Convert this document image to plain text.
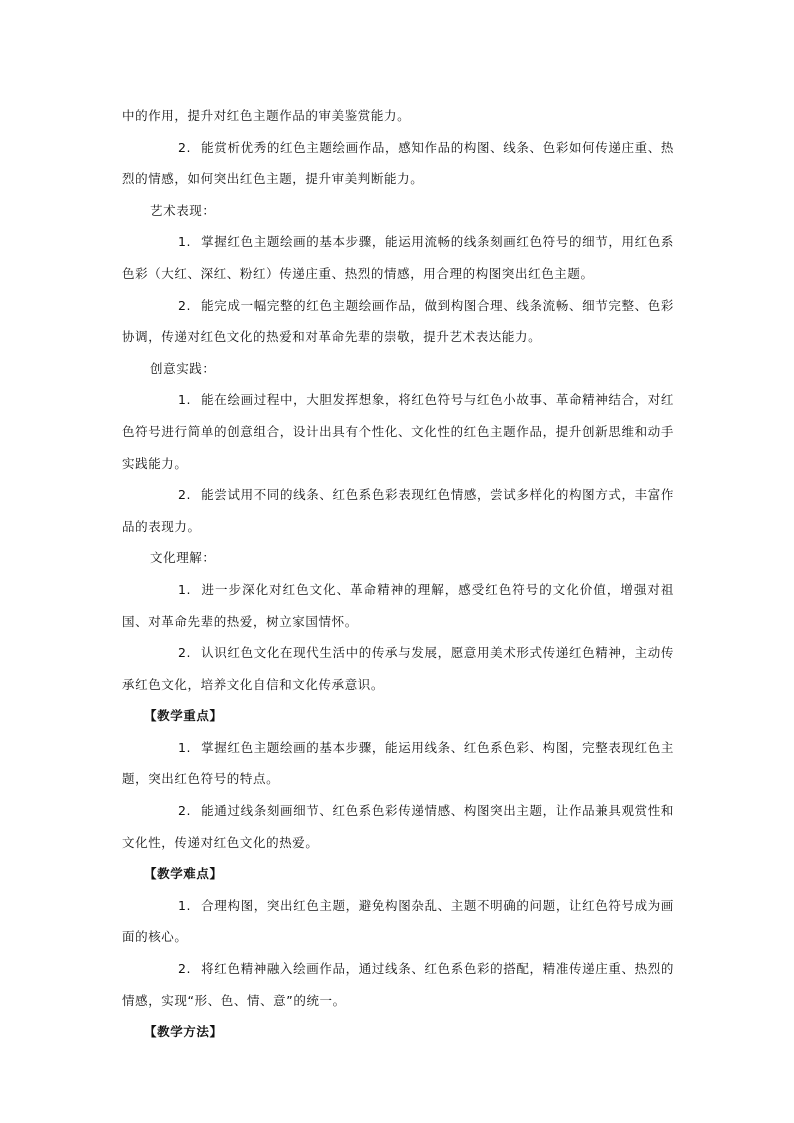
中的作用，提升对红色主题作品的审美鉴赏能力。

2. 能赏析优秀的红色主题绘画作品，感知作品的构图、线条、色彩如何传递庄重、热烈的情感，如何突出红色主题，提升审美判断能力。

艺术表现：

1. 掌握红色主题绘画的基本步骤，能运用流畅的线条刻画红色符号的细节，用红色系色彩（大红、深红、粉红）传递庄重、热烈的情感，用合理的构图突出红色主题。

2. 能完成一幅完整的红色主题绘画作品，做到构图合理、线条流畅、细节完整、色彩协调，传递对红色文化的热爱和对革命先辈的崇敬，提升艺术表达能力。

创意实践：

1. 能在绘画过程中，大胆发挥想象，将红色符号与红色小故事、革命精神结合，对红色符号进行简单的创意组合，设计出具有个性化、文化性的红色主题作品，提升创新思维和动手实践能力。

2. 能尝试用不同的线条、红色系色彩表现红色情感，尝试多样化的构图方式，丰富作品的表现力。

文化理解：

1. 进一步深化对红色文化、革命精神的理解，感受红色符号的文化价值，增强对祖国、对革命先辈的热爱，树立家国情怀。

2. 认识红色文化在现代生活中的传承与发展，愿意用美术形式传递红色精神，主动传承红色文化，培养文化自信和文化传承意识。

【教学重点】

1. 掌握红色主题绘画的基本步骤，能运用线条、红色系色彩、构图，完整表现红色主题，突出红色符号的特点。

2. 能通过线条刻画细节、红色系色彩传递情感、构图突出主题，让作品兼具观赏性和文化性，传递对红色文化的热爱。

【教学难点】

1. 合理构图，突出红色主题，避免构图杂乱、主题不明确的问题，让红色符号成为画面的核心。

2. 将红色精神融入绘画作品，通过线条、红色系色彩的搭配，精准传递庄重、热烈的情感，实现“形、色、情、意”的统一。

【教学方法】
